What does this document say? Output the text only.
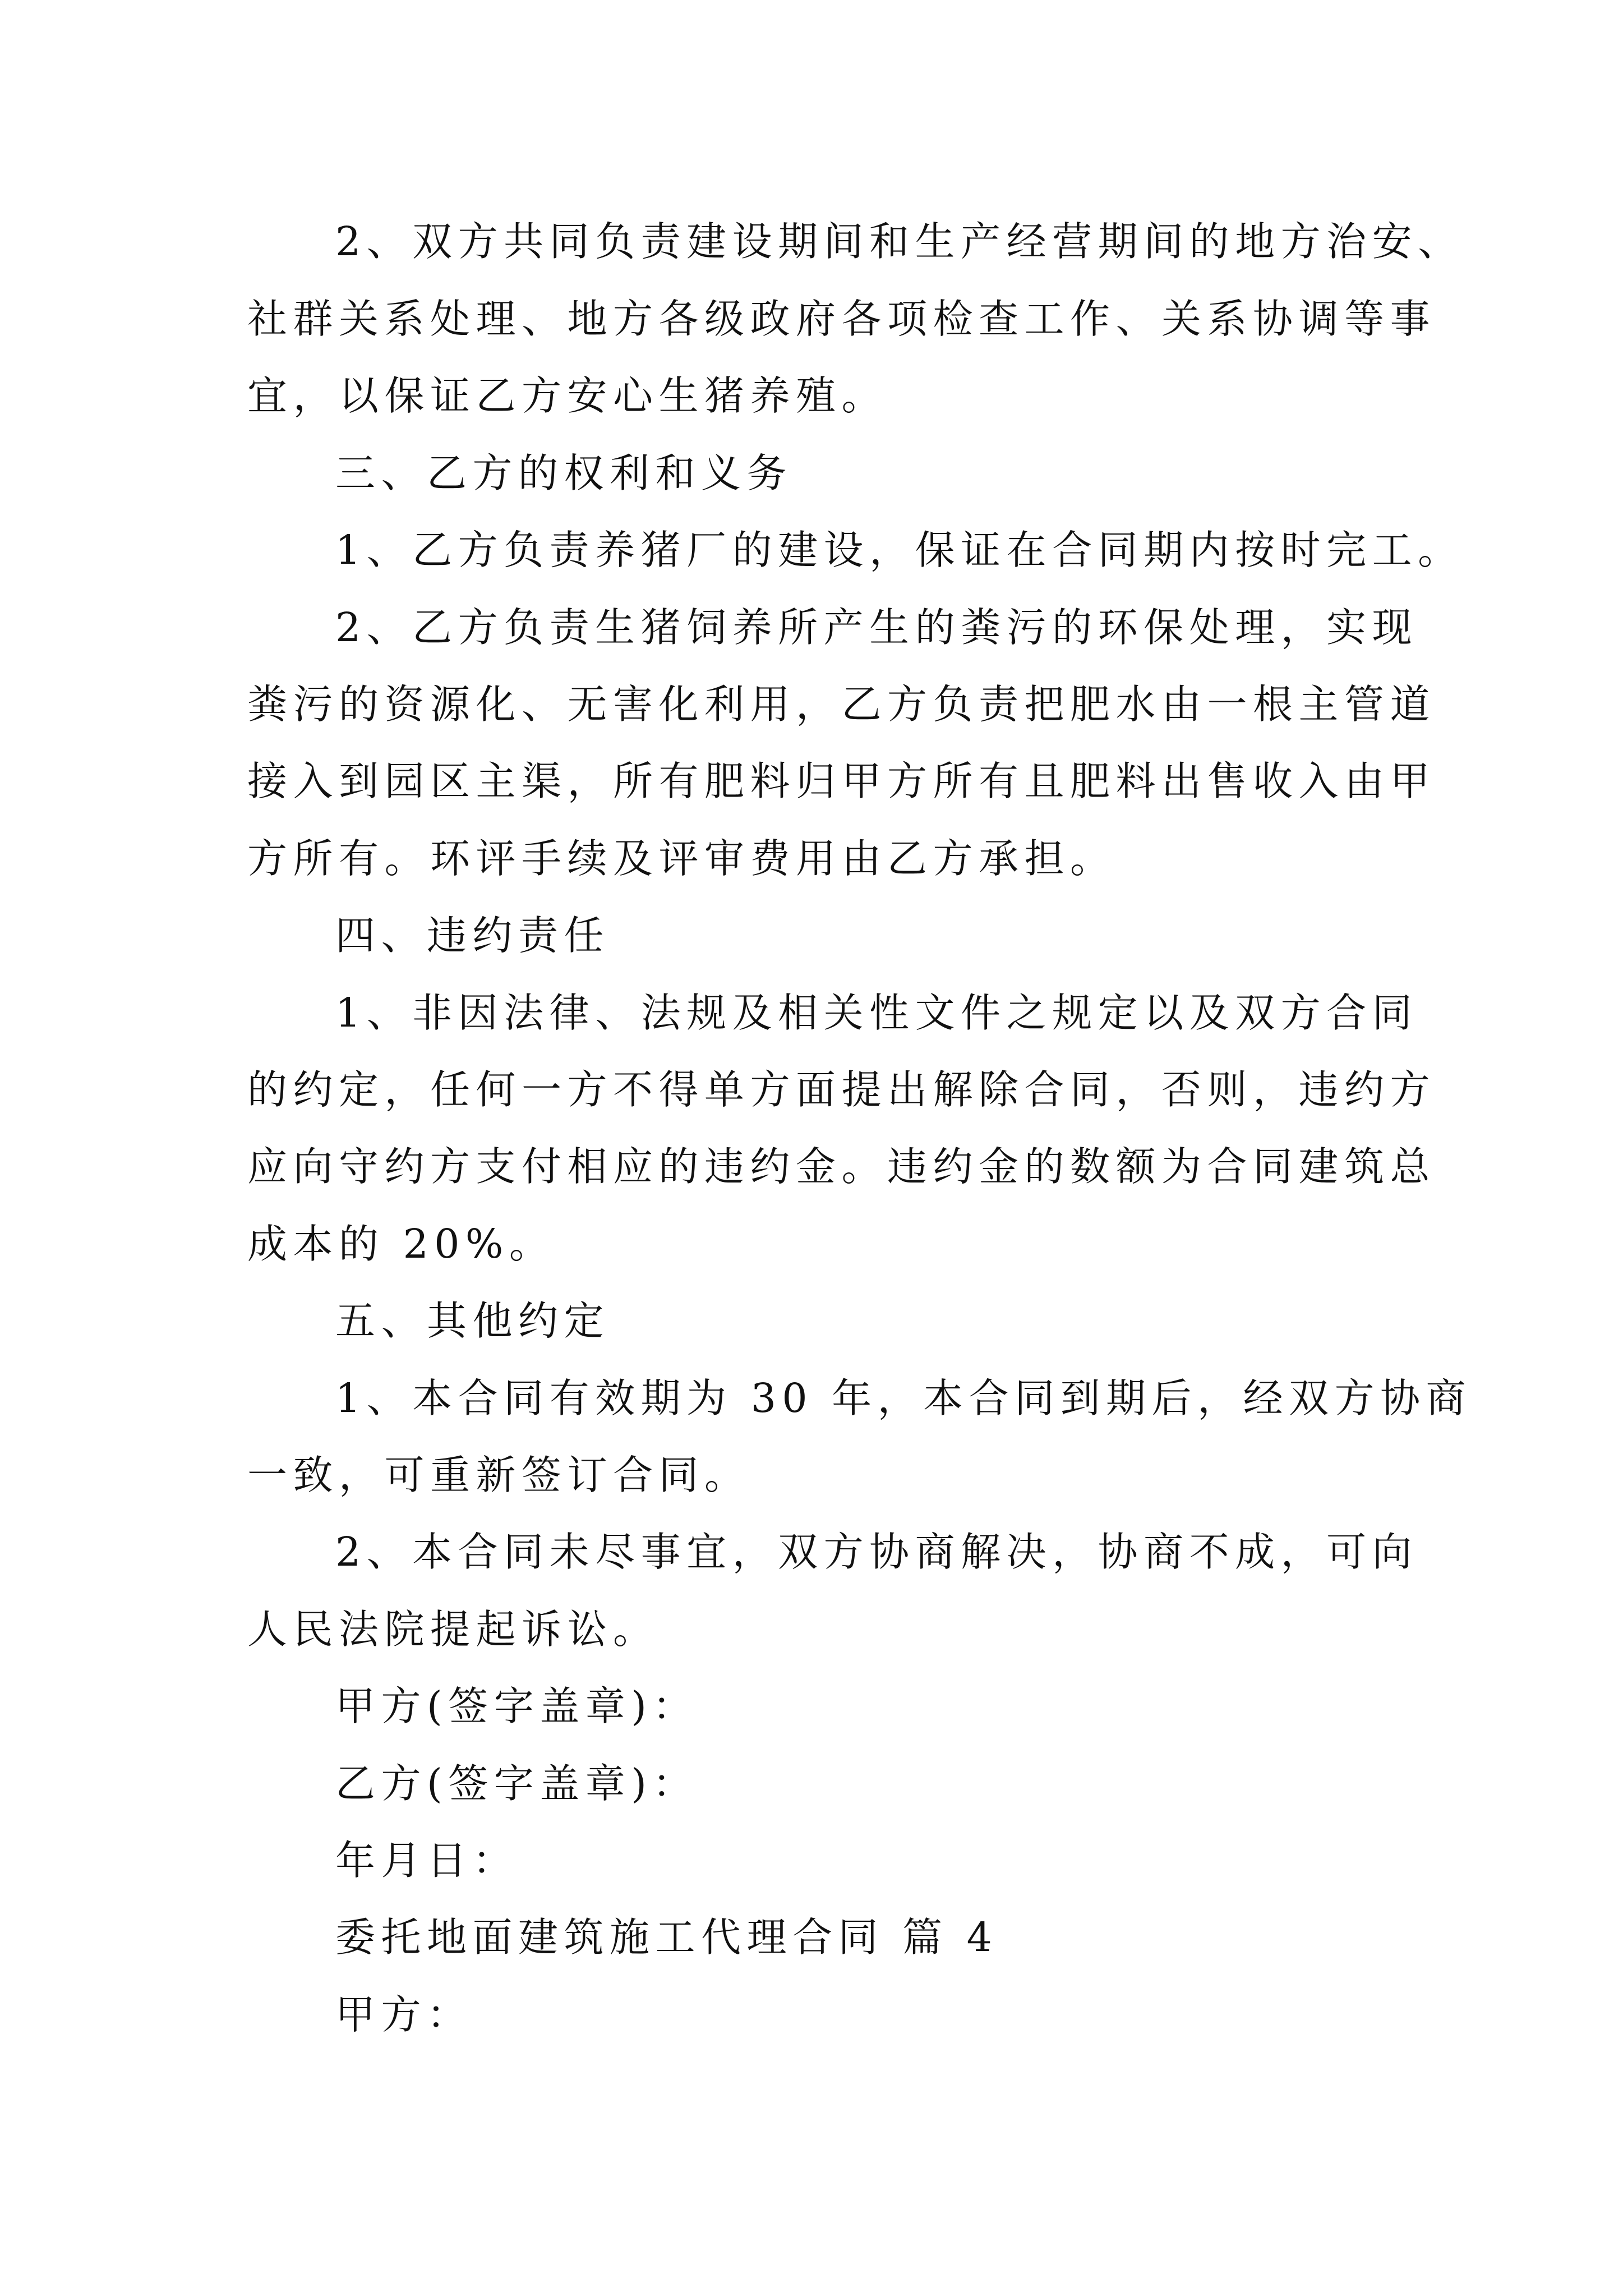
2、双方共同负责建设期间和生产经营期间的地方治安、

社群关系处理、地方各级政府各项检查工作、关系协调等事

宜，以保证乙方安心生猪养殖。

三、乙方的权利和义务

1、乙方负责养猪厂的建设，保证在合同期内按时完工。

2、乙方负责生猪饲养所产生的粪污的环保处理，实现

粪污的资源化、无害化利用，乙方负责把肥水由一根主管道

接入到园区主渠，所有肥料归甲方所有且肥料出售收入由甲

方所有。环评手续及评审费用由乙方承担。

四、违约责任

1、非因法律、法规及相关性文件之规定以及双方合同

的约定，任何一方不得单方面提出解除合同，否则，违约方

应向守约方支付相应的违约金。违约金的数额为合同建筑总

成本的 20%。

五、其他约定

1、本合同有效期为 30 年，本合同到期后，经双方协商

一致，可重新签订合同。

2、本合同未尽事宜，双方协商解决，协商不成，可向

人民法院提起诉讼。

甲方(签字盖章)：

乙方(签字盖章)：

年月日：

委托地面建筑施工代理合同 篇 4

甲方：
